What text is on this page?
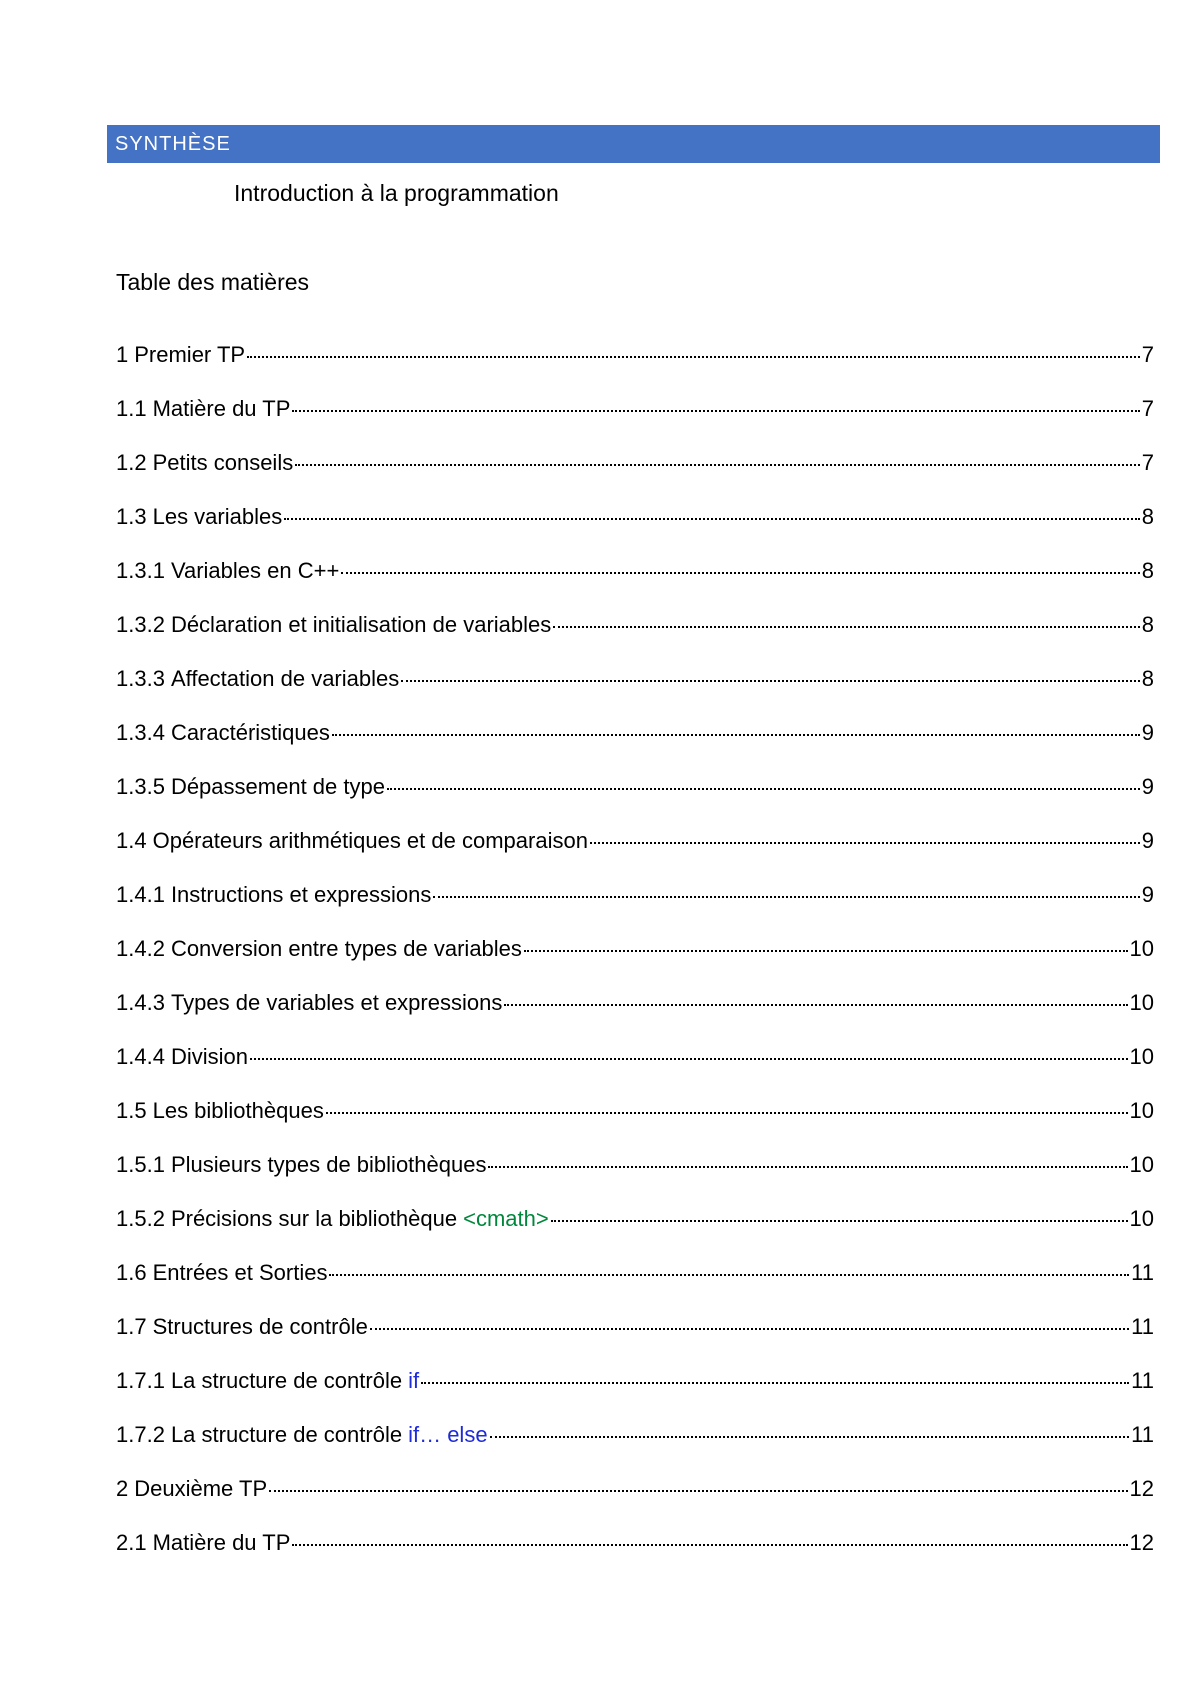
SYNTHÈSE
Introduction à la programmation
Table des matières
1 Premier TP	7
1.1 Matière du TP	7
1.2 Petits conseils	7
1.3 Les variables	8
1.3.1 Variables en C++	8
1.3.2 Déclaration et initialisation de variables	8
1.3.3 Affectation de variables	8
1.3.4 Caractéristiques	9
1.3.5 Dépassement de type	9
1.4 Opérateurs arithmétiques et de comparaison	9
1.4.1 Instructions et expressions	9
1.4.2 Conversion entre types de variables	10
1.4.3 Types de variables et expressions	10
1.4.4 Division	10
1.5 Les bibliothèques	10
1.5.1 Plusieurs types de bibliothèques	10
1.5.2 Précisions sur la bibliothèque <cmath>	10
1.6 Entrées et Sorties	11
1.7 Structures de contrôle	11
1.7.1 La structure de contrôle if	11
1.7.2 La structure de contrôle if… else	11
2 Deuxième TP	12
2.1 Matière du TP	12
